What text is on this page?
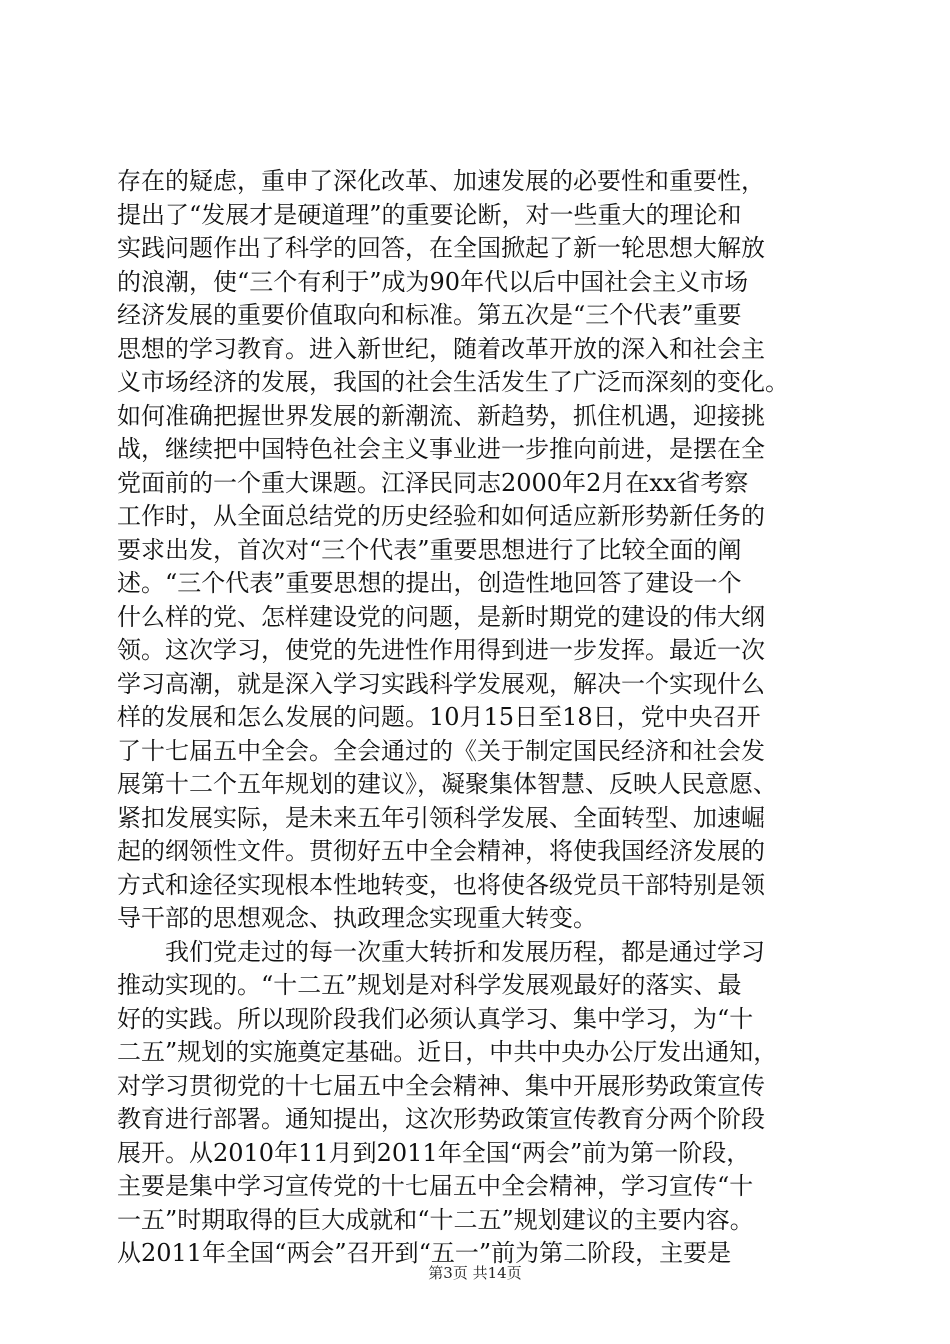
存在的疑虑，重申了深化改革、加速发展的必要性和重要性，
提出了“发展才是硬道理”的重要论断，对一些重大的理论和
实践问题作出了科学的回答，在全国掀起了新一轮思想大解放
的浪潮，使“三个有利于”成为90年代以后中国社会主义市场
经济发展的重要价值取向和标准。第五次是“三个代表”重要
思想的学习教育。进入新世纪，随着改革开放的深入和社会主
义市场经济的发展，我国的社会生活发生了广泛而深刻的变化。
如何准确把握世界发展的新潮流、新趋势，抓住机遇，迎接挑
战，继续把中国特色社会主义事业进一步推向前进，是摆在全
党面前的一个重大课题。江泽民同志2000年2月在xx省考察
工作时，从全面总结党的历史经验和如何适应新形势新任务的
要求出发，首次对“三个代表”重要思想进行了比较全面的阐
述。“三个代表”重要思想的提出，创造性地回答了建设一个
什么样的党、怎样建设党的问题，是新时期党的建设的伟大纲
领。这次学习，使党的先进性作用得到进一步发挥。最近一次
学习高潮，就是深入学习实践科学发展观，解决一个实现什么
样的发展和怎么发展的问题。10月15日至18日，党中央召开
了十七届五中全会。全会通过的《关于制定国民经济和社会发
展第十二个五年规划的建议》，凝聚集体智慧、反映人民意愿、
紧扣发展实际，是未来五年引领科学发展、全面转型、加速崛
起的纲领性文件。贯彻好五中全会精神，将使我国经济发展的
方式和途径实现根本性地转变，也将使各级党员干部特别是领
导干部的思想观念、执政理念实现重大转变。
　　我们党走过的每一次重大转折和发展历程，都是通过学习
推动实现的。“十二五”规划是对科学发展观最好的落实、最
好的实践。所以现阶段我们必须认真学习、集中学习，为“十
二五”规划的实施奠定基础。近日，中共中央办公厅发出通知，
对学习贯彻党的十七届五中全会精神、集中开展形势政策宣传
教育进行部署。通知提出，这次形势政策宣传教育分两个阶段
展开。从2010年11月到2011年全国“两会”前为第一阶段，
主要是集中学习宣传党的十七届五中全会精神，学习宣传“十
一五”时期取得的巨大成就和“十二五”规划建议的主要内容。
从2011年全国“两会”召开到“五一”前为第二阶段，主要是
第3页 共14页
